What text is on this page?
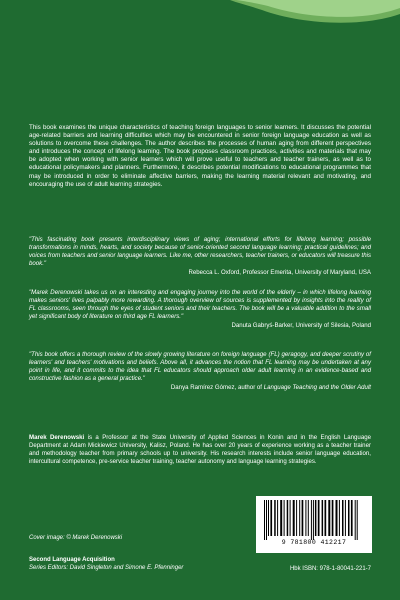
This book examines the unique characteristics of teaching foreign languages to senior learners. It discusses the potential age-related barriers and learning difficulties which may be encountered in senior foreign language education as well as solutions to overcome these challenges. The author describes the processes of human aging from different perspectives and introduces the concept of lifelong learning. The book proposes classroom practices, activities and materials that may be adopted when working with senior learners which will prove useful to teachers and teacher trainers, as well as to educational policymakers and planners. Furthermore, it describes potential modifications to educational programmes that may be introduced in order to eliminate affective barriers, making the learning material relevant and motivating, and encouraging the use of adult learning strategies.
"This fascinating book presents interdisciplinary views of aging; international efforts for lifelong learning; possible transformations in minds, hearts, and society because of senior-oriented second language learning; practical guidelines; and voices from teachers and senior language learners. Like me, other researchers, teacher trainers, or educators will treasure this book."
Rebecca L. Oxford, Professor Emerita, University of Maryland, USA
"Marek Derenowski takes us on an interesting and engaging journey into the world of the elderly – in which lifelong learning makes seniors' lives palpably more rewarding. A thorough overview of sources is supplemented by insights into the reality of FL classrooms, seen through the eyes of student seniors and their teachers. The book will be a valuable addition to the small yet significant body of literature on third age FL learners."
Danuta Gabryś-Barker, University of Silesia, Poland
"This book offers a thorough review of the slowly growing literature on foreign language (FL) geragogy, and deeper scrutiny of learners' and teachers' motivations and beliefs. Above all, it advances the notion that FL learning may be undertaken at any point in life, and it commits to the idea that FL educators should approach older adult learning in an evidence-based and constructive fashion as a general practice."
Danya Ramírez Gómez, author of Language Teaching and the Older Adult
Marek Derenowski is a Professor at the State University of Applied Sciences in Konin and in the English Language Department at Adam Mickiewicz University, Kalisz, Poland. He has over 20 years of experience working as a teacher trainer and methodology teacher from primary schools up to university. His research interests include senior language education, intercultural competence, pre-service teacher training, teacher autonomy and language learning strategies.
Cover image: © Marek Derenowski
Second Language Acquisition
Series Editors: David Singleton and Simone E. Pfenninger
9 781800 412217
Hbk ISBN: 978-1-80041-221-7
